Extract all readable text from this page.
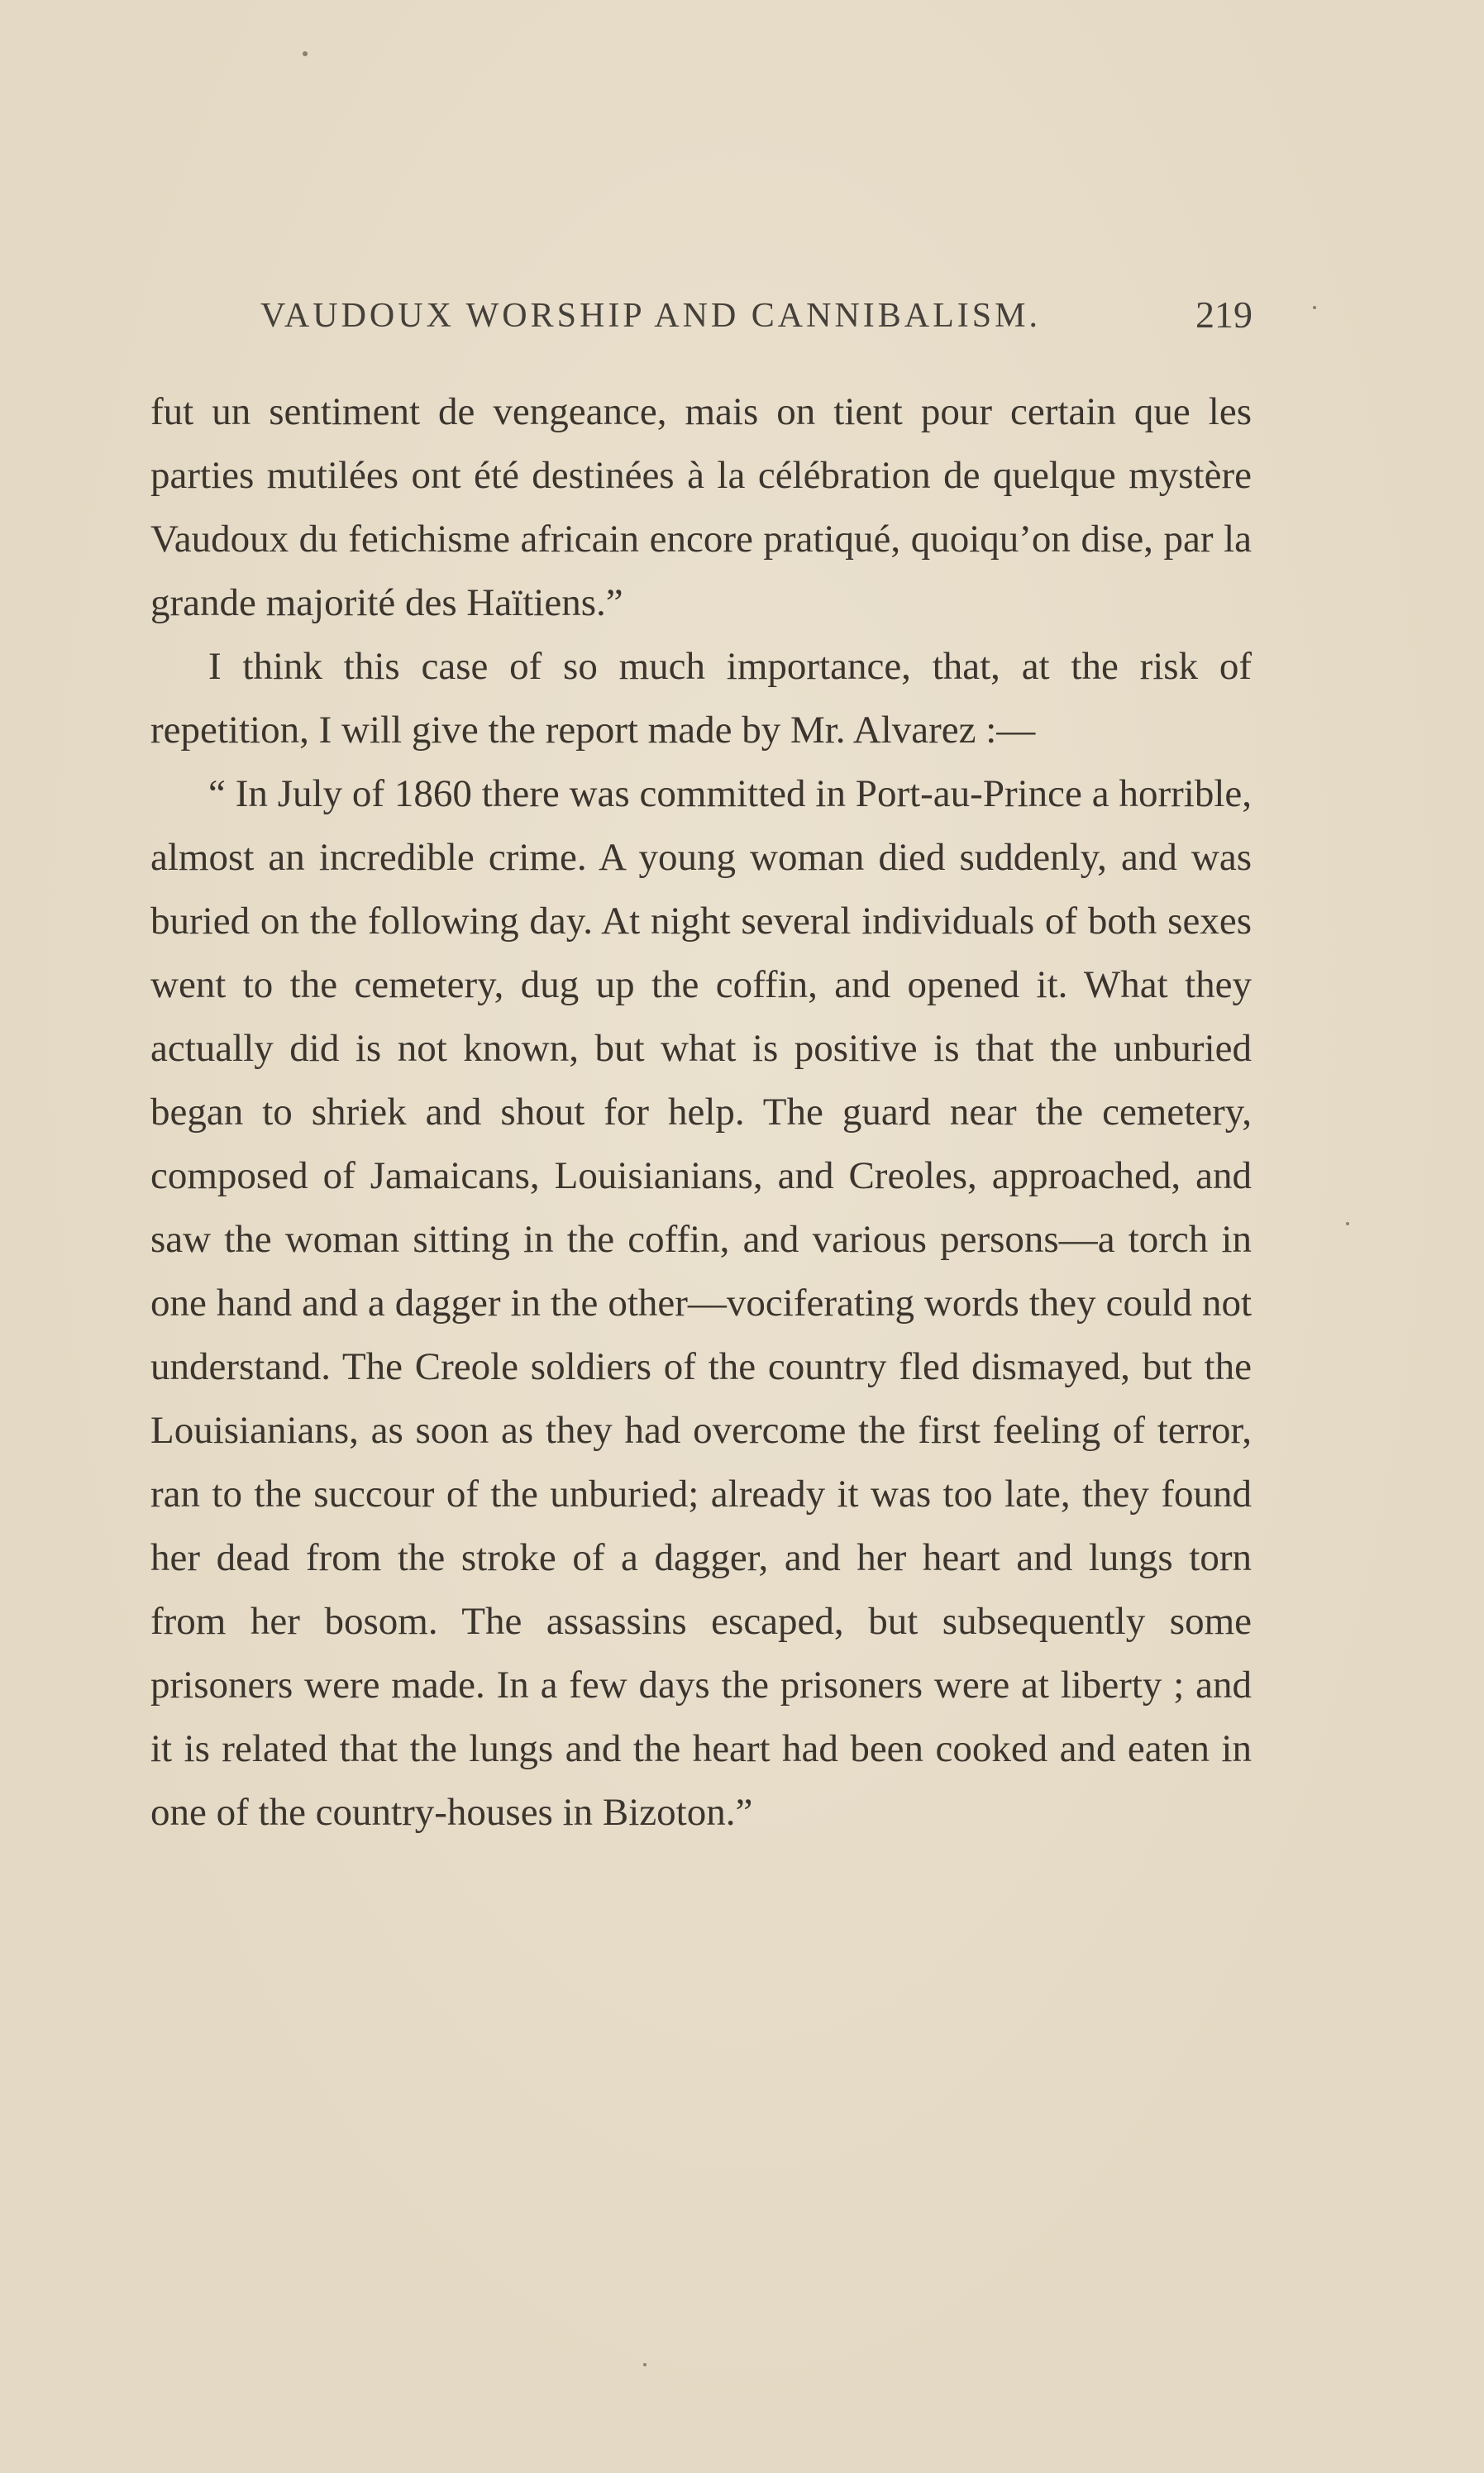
VAUDOUX WORSHIP AND CANNIBALISM.	219

fut un sentiment de vengeance, mais on tient pour certain que les parties mutilées ont été destinées à la célébration de quelque mystère Vaudoux du fetichisme africain encore pratiqué, quoiqu’on dise, par la grande majorité des Haïtiens.”

I think this case of so much importance, that, at the risk of repetition, I will give the report made by Mr. Alvarez :—

“ In July of 1860 there was committed in Port-au-Prince a horrible, almost an incredible crime. A young woman died suddenly, and was buried on the following day. At night several individuals of both sexes went to the cemetery, dug up the coffin, and opened it. What they actually did is not known, but what is positive is that the unburied began to shriek and shout for help. The guard near the cemetery, composed of Jamaicans, Louisianians, and Creoles, approached, and saw the woman sitting in the coffin, and various persons—a torch in one hand and a dagger in the other—vociferating words they could not understand. The Creole soldiers of the country fled dismayed, but the Louisianians, as soon as they had overcome the first feeling of terror, ran to the succour of the unburied; already it was too late, they found her dead from the stroke of a dagger, and her heart and lungs torn from her bosom. The assassins escaped, but subsequently some prisoners were made. In a few days the prisoners were at liberty ; and it is related that the lungs and the heart had been cooked and eaten in one of the country-houses in Bizoton.”
